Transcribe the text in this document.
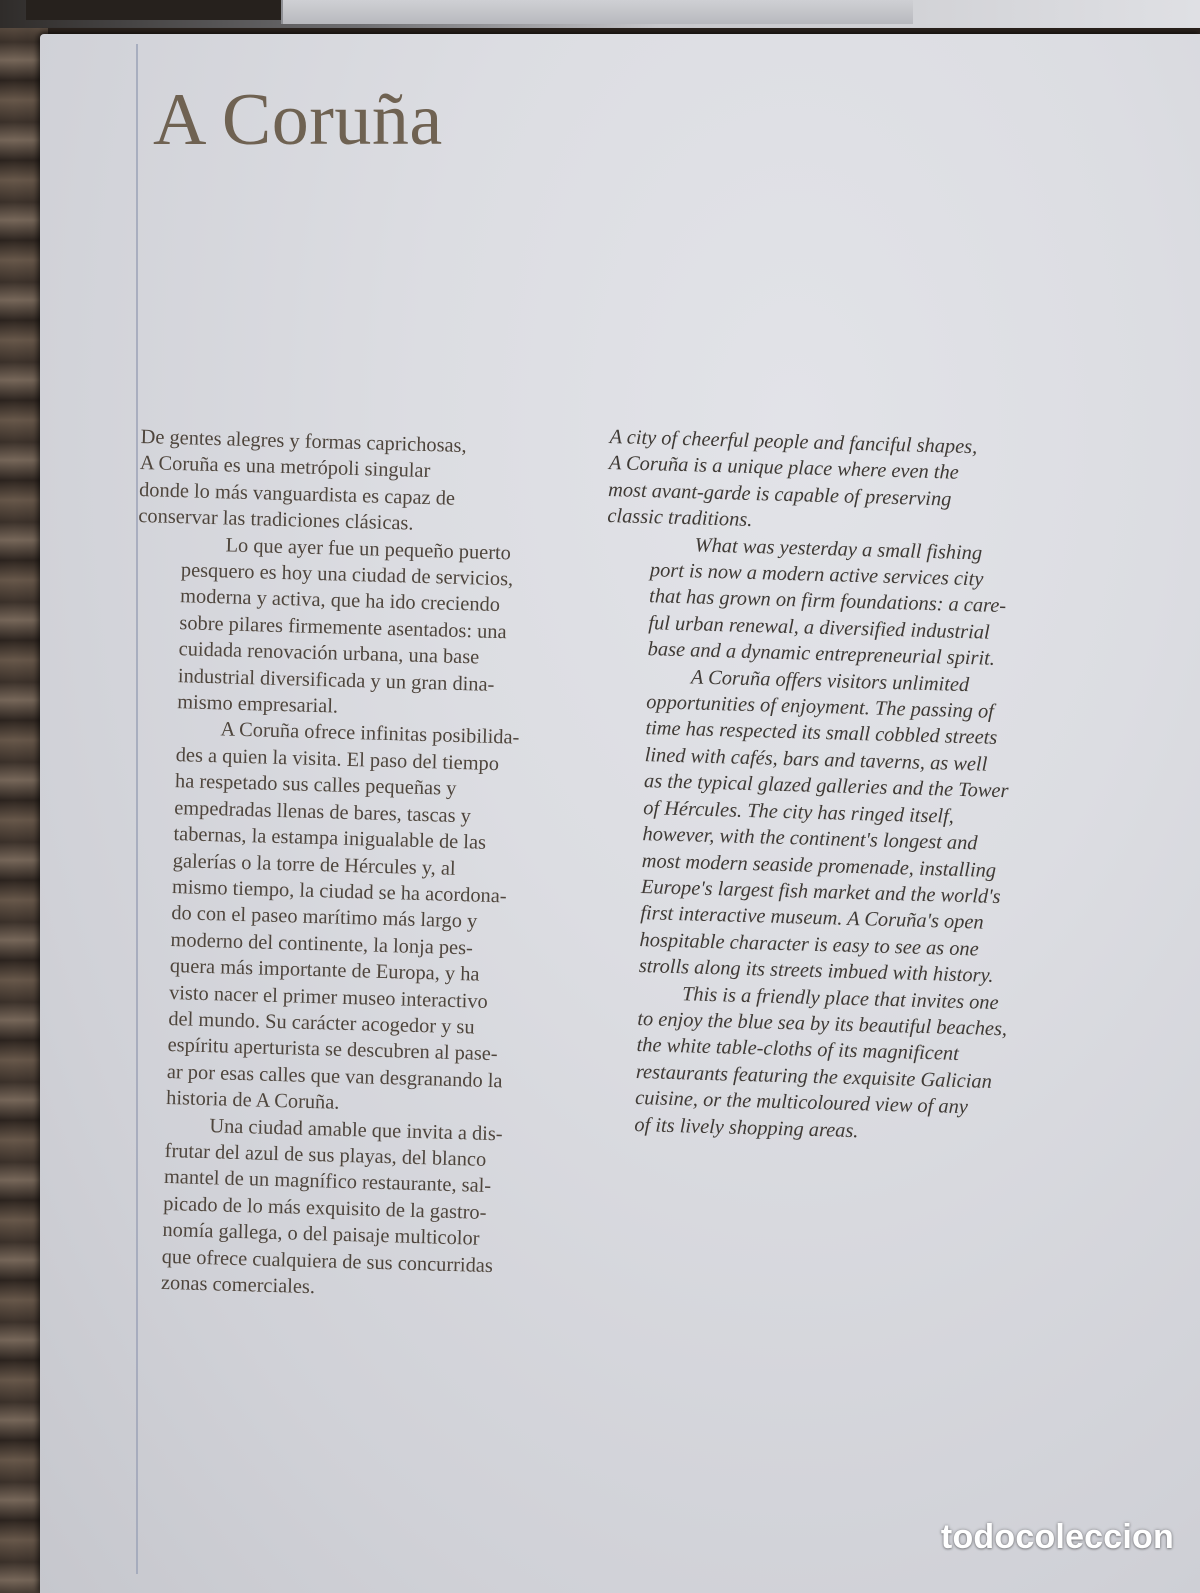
A Coruña

De gentes alegres y formas caprichosas,
A Coruña es una metrópoli singular
donde lo más vanguardista es capaz de
conservar las tradiciones clásicas.

Lo que ayer fue un pequeño puerto
pesquero es hoy una ciudad de servicios,
moderna y activa, que ha ido creciendo
sobre pilares firmemente asentados: una
cuidada renovación urbana, una base
industrial diversificada y un gran dina-
mismo empresarial.

A Coruña ofrece infinitas posibilida-
des a quien la visita. El paso del tiempo
ha respetado sus calles pequeñas y
empedradas llenas de bares, tascas y
tabernas, la estampa inigualable de las
galerías o la torre de Hércules y, al
mismo tiempo, la ciudad se ha acordona-
do con el paseo marítimo más largo y
moderno del continente, la lonja pes-
quera más importante de Europa, y ha
visto nacer el primer museo interactivo
del mundo. Su carácter acogedor y su
espíritu aperturista se descubren al pase-
ar por esas calles que van desgranando la
historia de A Coruña.

Una ciudad amable que invita a dis-
frutar del azul de sus playas, del blanco
mantel de un magnífico restaurante, sal-
picado de lo más exquisito de la gastro-
nomía gallega, o del paisaje multicolor
que ofrece cualquiera de sus concurridas
zonas comerciales.

A city of cheerful people and fanciful shapes,
A Coruña is a unique place where even the
most avant-garde is capable of preserving
classic traditions.

What was yesterday a small fishing
port is now a modern active services city
that has grown on firm foundations: a care-
ful urban renewal, a diversified industrial
base and a dynamic entrepreneurial spirit.

A Coruña offers visitors unlimited
opportunities of enjoyment. The passing of
time has respected its small cobbled streets
lined with cafés, bars and taverns, as well
as the typical glazed galleries and the Tower
of Hércules. The city has ringed itself,
however, with the continent's longest and
most modern seaside promenade, installing
Europe's largest fish market and the world's
first interactive museum. A Coruña's open
hospitable character is easy to see as one
strolls along its streets imbued with history.

This is a friendly place that invites one
to enjoy the blue sea by its beautiful beaches,
the white table-cloths of its magnificent
restaurants featuring the exquisite Galician
cuisine, or the multicoloured view of any
of its lively shopping areas.

todocoleccion
